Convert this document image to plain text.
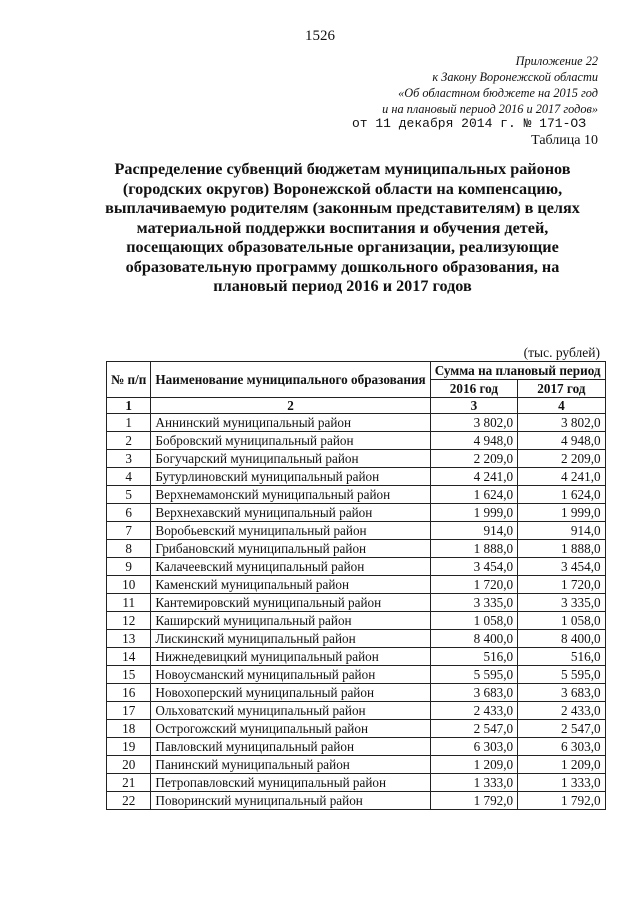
1526
Приложение 22
к Закону Воронежской области
«Об областном бюджете на 2015 год
и на плановый период 2016 и 2017 годов»
от 11 декабря 2014 г. № 171-ОЗ
Таблица 10
Распределение субвенций бюджетам муниципальных районов (городских округов) Воронежской области на компенсацию, выплачиваемую родителям (законным представителям) в целях материальной поддержки воспитания и обучения детей, посещающих образовательные организации, реализующие образовательную программу дошкольного образования, на плановый период 2016 и 2017 годов
(тыс. рублей)
№ п/п	Наименование муниципального образования	Сумма на плановый период	
		2016 год	2017 год
1	2	3	4
1	Аннинский муниципальный район	3 802,0	3 802,0
2	Бобровский муниципальный район	4 948,0	4 948,0
3	Богучарский муниципальный район	2 209,0	2 209,0
4	Бутурлиновский муниципальный район	4 241,0	4 241,0
5	Верхнемамонский муниципальный район	1 624,0	1 624,0
6	Верхнехавский муниципальный район	1 999,0	1 999,0
7	Воробьевский муниципальный район	914,0	914,0
8	Грибановский муниципальный район	1 888,0	1 888,0
9	Калачеевский муниципальный район	3 454,0	3 454,0
10	Каменский муниципальный район	1 720,0	1 720,0
11	Кантемировский муниципальный район	3 335,0	3 335,0
12	Каширский муниципальный район	1 058,0	1 058,0
13	Лискинский муниципальный район	8 400,0	8 400,0
14	Нижнедевицкий муниципальный район	516,0	516,0
15	Новоусманский муниципальный район	5 595,0	5 595,0
16	Новохоперский муниципальный район	3 683,0	3 683,0
17	Ольховатский муниципальный район	2 433,0	2 433,0
18	Острогожский муниципальный район	2 547,0	2 547,0
19	Павловский муниципальный район	6 303,0	6 303,0
20	Панинский муниципальный район	1 209,0	1 209,0
21	Петропавловский муниципальный район	1 333,0	1 333,0
22	Поворинский муниципальный район	1 792,0	1 792,0
